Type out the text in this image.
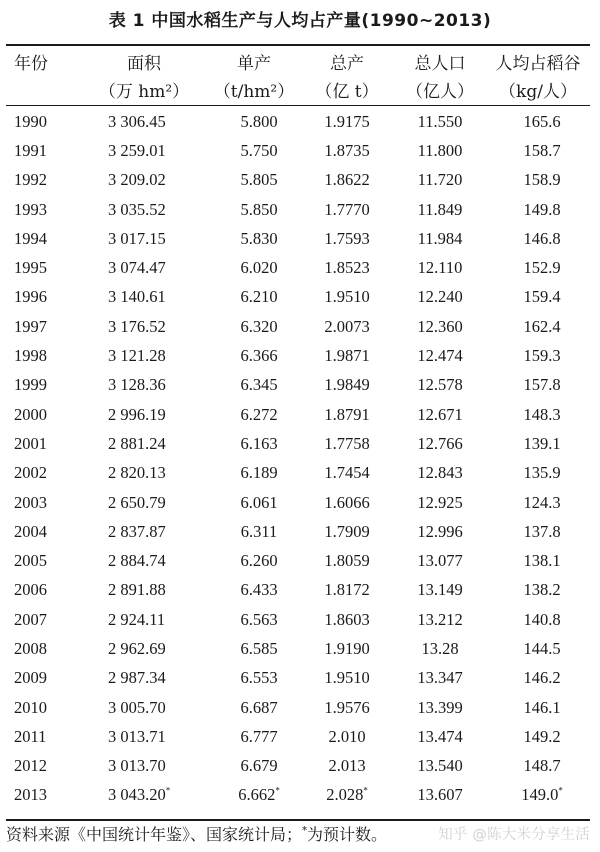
表 1 中国水稻生产与人均占产量(1990~2013)
年份	面积	单产	总产	总人口	人均占稻谷
	（万 hm²）	（t/hm²）	（亿 t）	（亿人）	（kg/人）
1990	3 306.45	5.800	1.9175	11.550	165.6
1991	3 259.01	5.750	1.8735	11.800	158.7
1992	3 209.02	5.805	1.8622	11.720	158.9
1993	3 035.52	5.850	1.7770	11.849	149.8
1994	3 017.15	5.830	1.7593	11.984	146.8
1995	3 074.47	6.020	1.8523	12.110	152.9
1996	3 140.61	6.210	1.9510	12.240	159.4
1997	3 176.52	6.320	2.0073	12.360	162.4
1998	3 121.28	6.366	1.9871	12.474	159.3
1999	3 128.36	6.345	1.9849	12.578	157.8
2000	2 996.19	6.272	1.8791	12.671	148.3
2001	2 881.24	6.163	1.7758	12.766	139.1
2002	2 820.13	6.189	1.7454	12.843	135.9
2003	2 650.79	6.061	1.6066	12.925	124.3
2004	2 837.87	6.311	1.7909	12.996	137.8
2005	2 884.74	6.260	1.8059	13.077	138.1
2006	2 891.88	6.433	1.8172	13.149	138.2
2007	2 924.11	6.563	1.8603	13.212	140.8
2008	2 962.69	6.585	1.9190	13.28	144.5
2009	2 987.34	6.553	1.9510	13.347	146.2
2010	3 005.70	6.687	1.9576	13.399	146.1
2011	3 013.71	6.777	2.010	13.474	149.2
2012	3 013.70	6.679	2.013	13.540	148.7
2013	3 043.20*	6.662*	2.028*	13.607	149.0*
资料来源《中国统计年鉴》、国家统计局；*为预计数。	知乎 @陈大米分享生活
